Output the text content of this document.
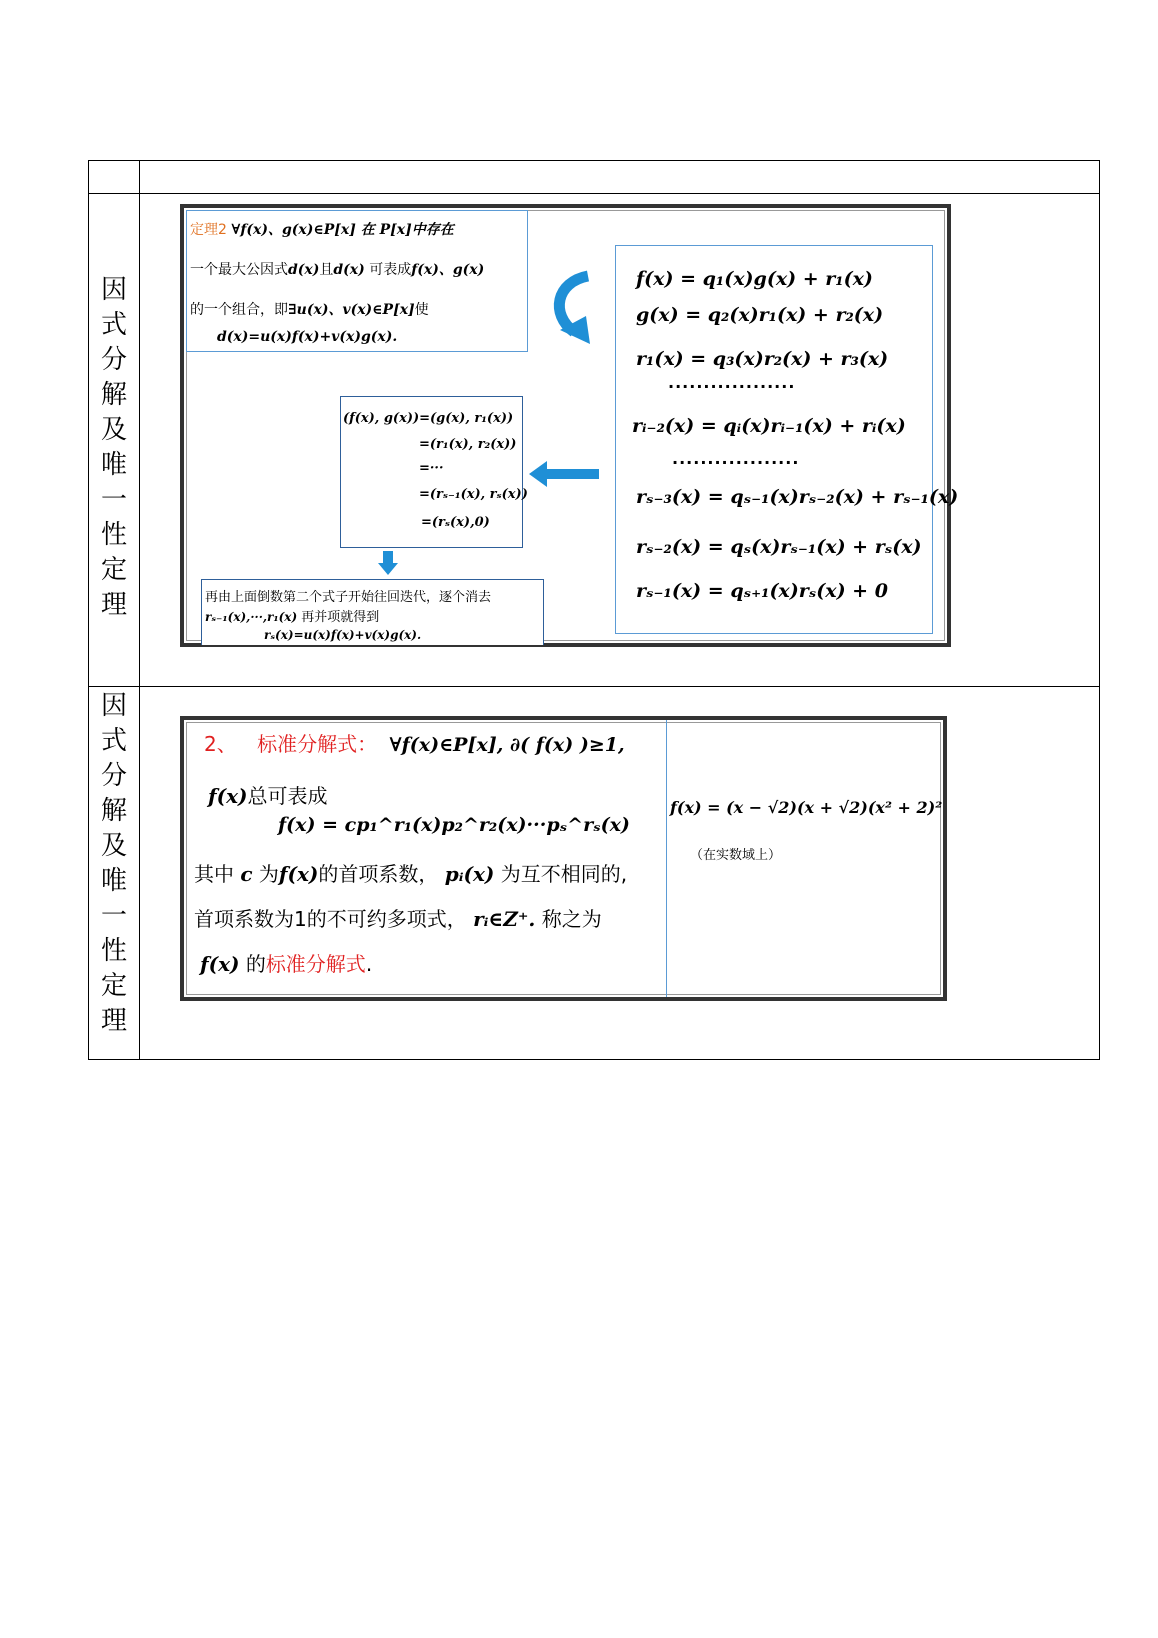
因
式
分
解
及
唯
一
性
定
理
因
式
分
解
及
唯
一
性
定
理
定理2 ∀f(x)、g(x)∈P[x] 在 P[x]中存在
一个最大公因式d(x)且d(x) 可表成f(x)、g(x)
的一个组合，即∃u(x)、v(x)∈P[x]使
d(x)=u(x)f(x)+v(x)g(x).
f(x) = q₁(x)g(x) + r₁(x)
g(x) = q₂(x)r₁(x) + r₂(x)
r₁(x) = q₃(x)r₂(x) + r₃(x)
··················
rᵢ₋₂(x) = qᵢ(x)rᵢ₋₁(x) + rᵢ(x)
··················
rₛ₋₃(x) = qₛ₋₁(x)rₛ₋₂(x) + rₛ₋₁(x)
rₛ₋₂(x) = qₛ(x)rₛ₋₁(x) + rₛ(x)
rₛ₋₁(x) = qₛ₊₁(x)rₛ(x) + 0
(f(x), g(x))=(g(x), r₁(x))
=(r₁(x), r₂(x))
=···
=(rₛ₋₁(x), rₛ(x))
=(rₛ(x),0)
再由上面倒数第二个式子开始往回迭代，逐个消去
rₛ₋₁(x),···,r₁(x) 再并项就得到
rₛ(x)=u(x)f(x)+v(x)g(x).
2、 标准分解式： ∀f(x)∈P[x], ∂( f(x) )≥1,
f(x)总可表成
f(x) = cp₁^r₁(x)p₂^r₂(x)···pₛ^rₛ(x)
其中 c 为f(x)的首项系数， pᵢ(x) 为互不相同的,
首项系数为1的不可约多项式， rᵢ∈Z⁺. 称之为
f(x) 的标准分解式.
f(x) = (x − √2)(x + √2)(x² + 2)²
（在实数域上）
